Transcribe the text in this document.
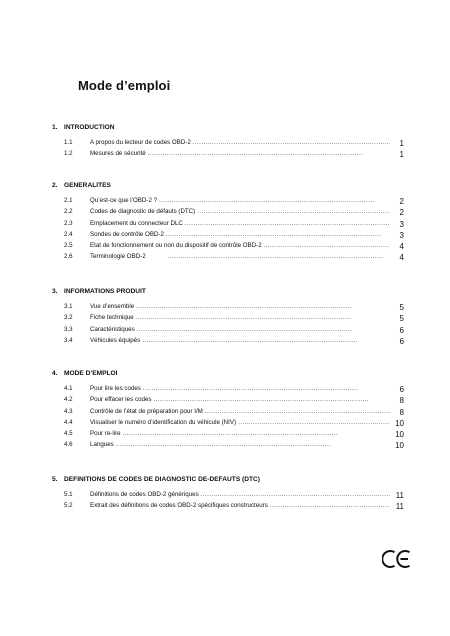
Mode d’emploi
1. INTRODUCTION
1.1	A propos du lecteur de codes OBD-2 . . .	1
1.2	Mesures de sécurité . . .	1
2. GENERALITES
2.1	Qu’est-ce que l’OBD-2 ? . . .	2
2.2	Codes de diagnostic de défauts (DTC) . . .	2
2.3	Emplacement du connecteur DLC . . .	3
2.4	Sondes de contrôle OBD-2 . . .	3
2.5	Etat de fonctionnement ou non du dispositif de contrôle OBD-2 . . .	4
2.6	Terminologie OBD-2 . . .	4
3. INFORMATIONS PRODUIT
3.1	Vue d’ensemble . . .	5
3.2	Fiche technique . . .	5
3.3	Caractéristiques . . .	6
3.4	Véhicules équipés . . .	6
4. MODE D’EMPLOI
4.1	Pour lire les codes . . .	6
4.2	Pour effacer les codes . . .	8
4.3	Contrôle de l’état de préparation pour I/M . . .	8
4.4	Visualiser le numéro d’identification du véhicule (NIV) . . .	10
4.5	Pour re-lire . . .	10
4.6	Langues . . .	10
5. DEFINITIONS DE CODES DE DIAGNOSTIC DE-DEFAUTS (DTC)
5.1	Définitions de codes OBD-2 génériques . . .	11
5.2	Extrait des définitions de codes OBD-2 spécifiques constructeurs . . .	11
